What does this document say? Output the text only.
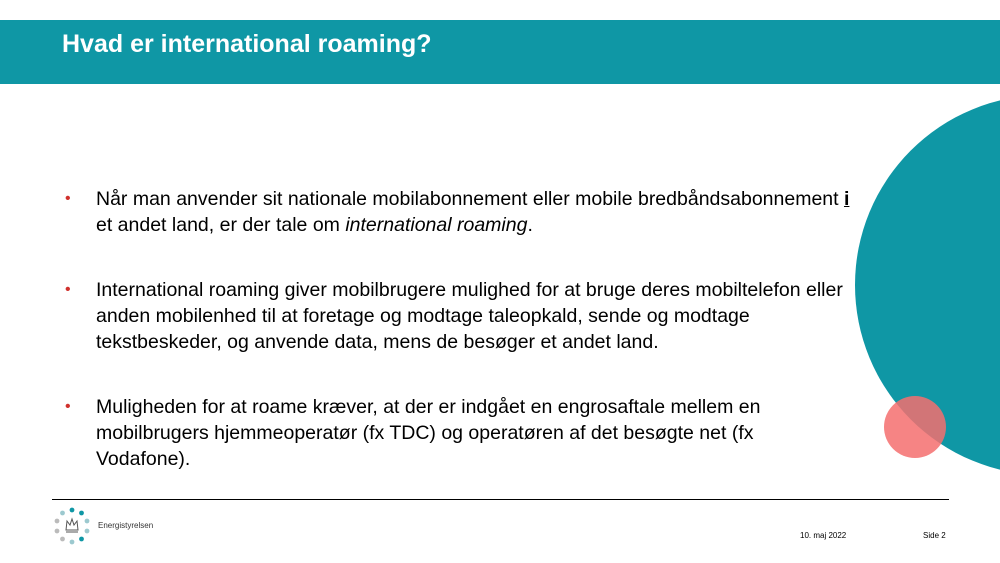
Hvad er international roaming?
• Når man anvender sit nationale mobilabonnement eller mobile bredbåndsabonnement i et andet land, er der tale om international roaming.
• International roaming giver mobilbrugere mulighed for at bruge deres mobiltelefon eller anden mobilenhed til at foretage og modtage taleopkald, sende og modtage tekstbeskeder, og anvende data, mens de besøger et andet land.
• Muligheden for at roame kræver, at der er indgået en engrosaftale mellem en mobilbrugers hjemmeoperatør (fx TDC) og operatøren af det besøgte net (fx Vodafone).
Energistyrelsen
10. maj 2022	Side 2
